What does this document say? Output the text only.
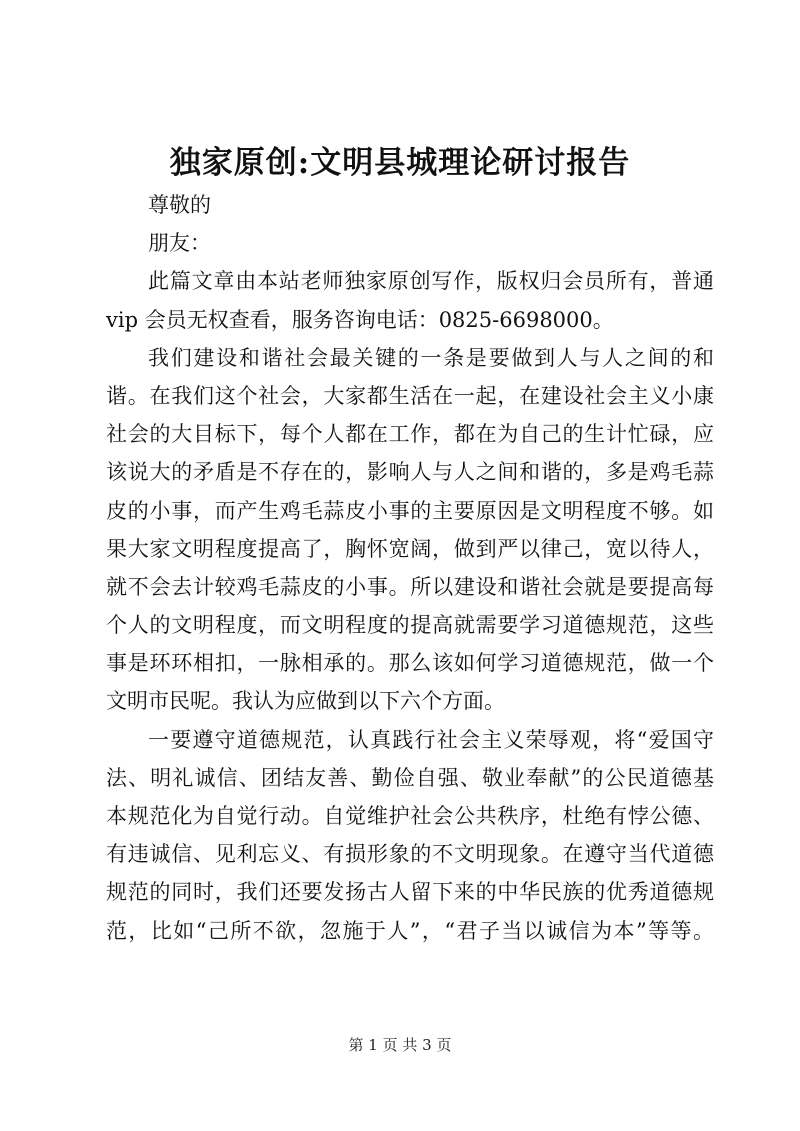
独家原创:文明县城理论研讨报告
尊敬的
朋友：
此篇文章由本站老师独家原创写作，版权归会员所有，普通
vip 会员无权查看，服务咨询电话：0825-6698000。
我们建设和谐社会最关键的一条是要做到人与人之间的和
谐。在我们这个社会，大家都生活在一起，在建设社会主义小康
社会的大目标下，每个人都在工作，都在为自己的生计忙碌，应
该说大的矛盾是不存在的，影响人与人之间和谐的，多是鸡毛蒜
皮的小事，而产生鸡毛蒜皮小事的主要原因是文明程度不够。如
果大家文明程度提高了，胸怀宽阔，做到严以律己，宽以待人，
就不会去计较鸡毛蒜皮的小事。所以建设和谐社会就是要提高每
个人的文明程度，而文明程度的提高就需要学习道德规范，这些
事是环环相扣，一脉相承的。那么该如何学习道德规范，做一个
文明市民呢。我认为应做到以下六个方面。
一要遵守道德规范，认真践行社会主义荣辱观，将“爱国守
法、明礼诚信、团结友善、勤俭自强、敬业奉献”的公民道德基
本规范化为自觉行动。自觉维护社会公共秩序，杜绝有悖公德、
有违诚信、见利忘义、有损形象的不文明现象。在遵守当代道德
规范的同时，我们还要发扬古人留下来的中华民族的优秀道德规
范，比如“己所不欲，忽施于人”，“君子当以诚信为本”等等。
第 1 页 共 3 页
